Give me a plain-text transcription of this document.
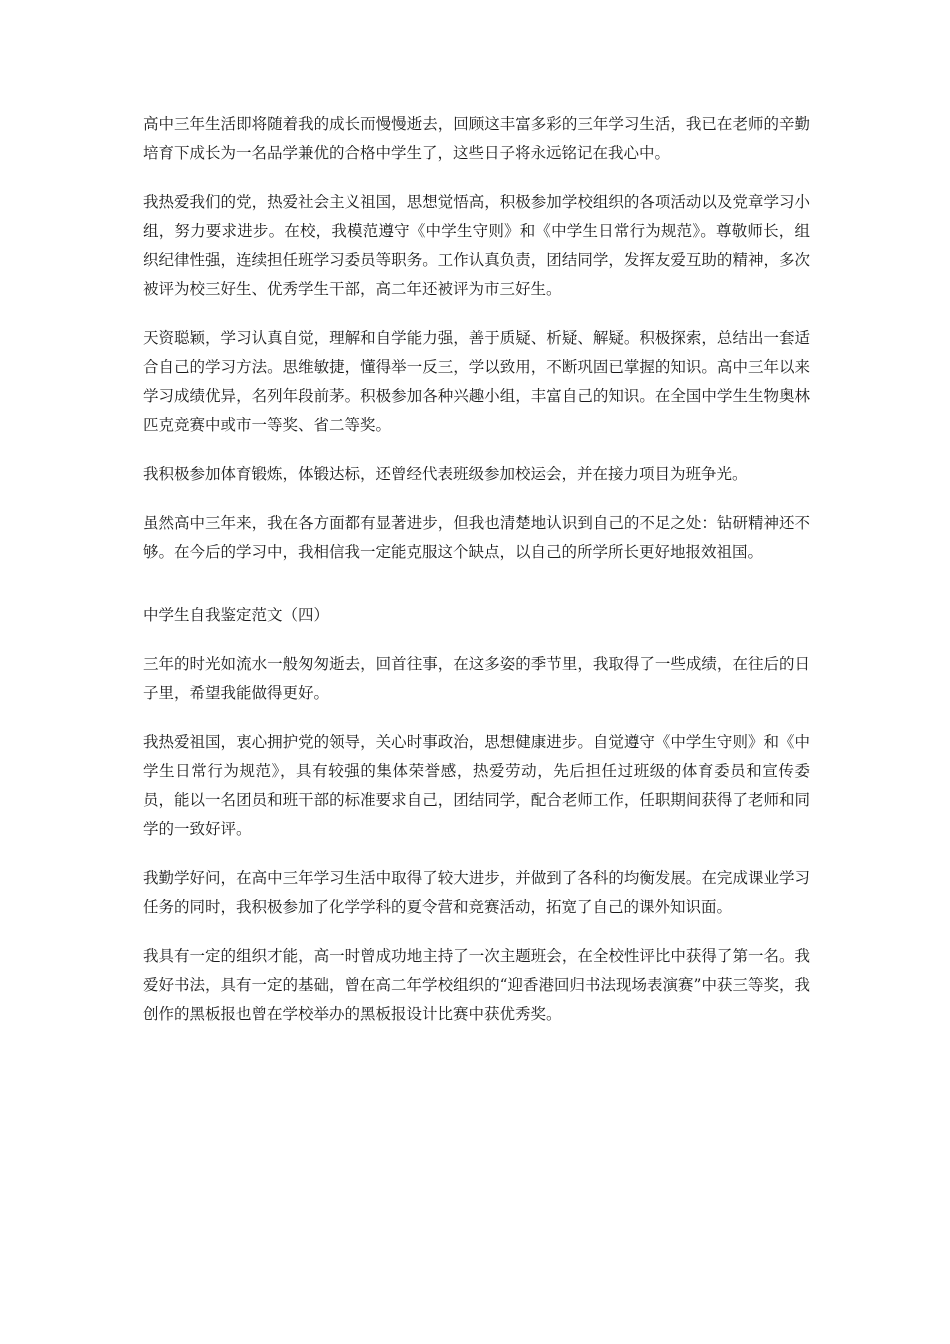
高中三年生活即将随着我的成长而慢慢逝去，回顾这丰富多彩的三年学习生活，我已在老师的辛勤培育下成长为一名品学兼优的合格中学生了，这些日子将永远铭记在我心中。

我热爱我们的党，热爱社会主义祖国，思想觉悟高，积极参加学校组织的各项活动以及党章学习小组，努力要求进步。在校，我模范遵守《中学生守则》和《中学生日常行为规范》。尊敬师长，组织纪律性强，连续担任班学习委员等职务。工作认真负责，团结同学，发挥友爱互助的精神，多次被评为校三好生、优秀学生干部，高二年还被评为市三好生。

天资聪颖，学习认真自觉，理解和自学能力强，善于质疑、析疑、解疑。积极探索，总结出一套适合自己的学习方法。思维敏捷，懂得举一反三，学以致用，不断巩固已掌握的知识。高中三年以来学习成绩优异，名列年段前茅。积极参加各种兴趣小组，丰富自己的知识。在全国中学生生物奥林匹克竞赛中或市一等奖、省二等奖。

我积极参加体育锻炼，体锻达标，还曾经代表班级参加校运会，并在接力项目为班争光。

虽然高中三年来，我在各方面都有显著进步，但我也清楚地认识到自己的不足之处：钻研精神还不够。在今后的学习中，我相信我一定能克服这个缺点，以自己的所学所长更好地报效祖国。

中学生自我鉴定范文（四）

三年的时光如流水一般匆匆逝去，回首往事，在这多姿的季节里，我取得了一些成绩，在往后的日子里，希望我能做得更好。

我热爱祖国，衷心拥护党的领导，关心时事政治，思想健康进步。自觉遵守《中学生守则》和《中学生日常行为规范》，具有较强的集体荣誉感，热爱劳动，先后担任过班级的体育委员和宣传委员，能以一名团员和班干部的标准要求自己，团结同学，配合老师工作，任职期间获得了老师和同学的一致好评。

我勤学好问，在高中三年学习生活中取得了较大进步，并做到了各科的均衡发展。在完成课业学习任务的同时，我积极参加了化学学科的夏令营和竞赛活动，拓宽了自己的课外知识面。

我具有一定的组织才能，高一时曾成功地主持了一次主题班会，在全校性评比中获得了第一名。我爱好书法，具有一定的基础，曾在高二年学校组织的“迎香港回归书法现场表演赛”中获三等奖，我创作的黑板报也曾在学校举办的黑板报设计比赛中获优秀奖。
